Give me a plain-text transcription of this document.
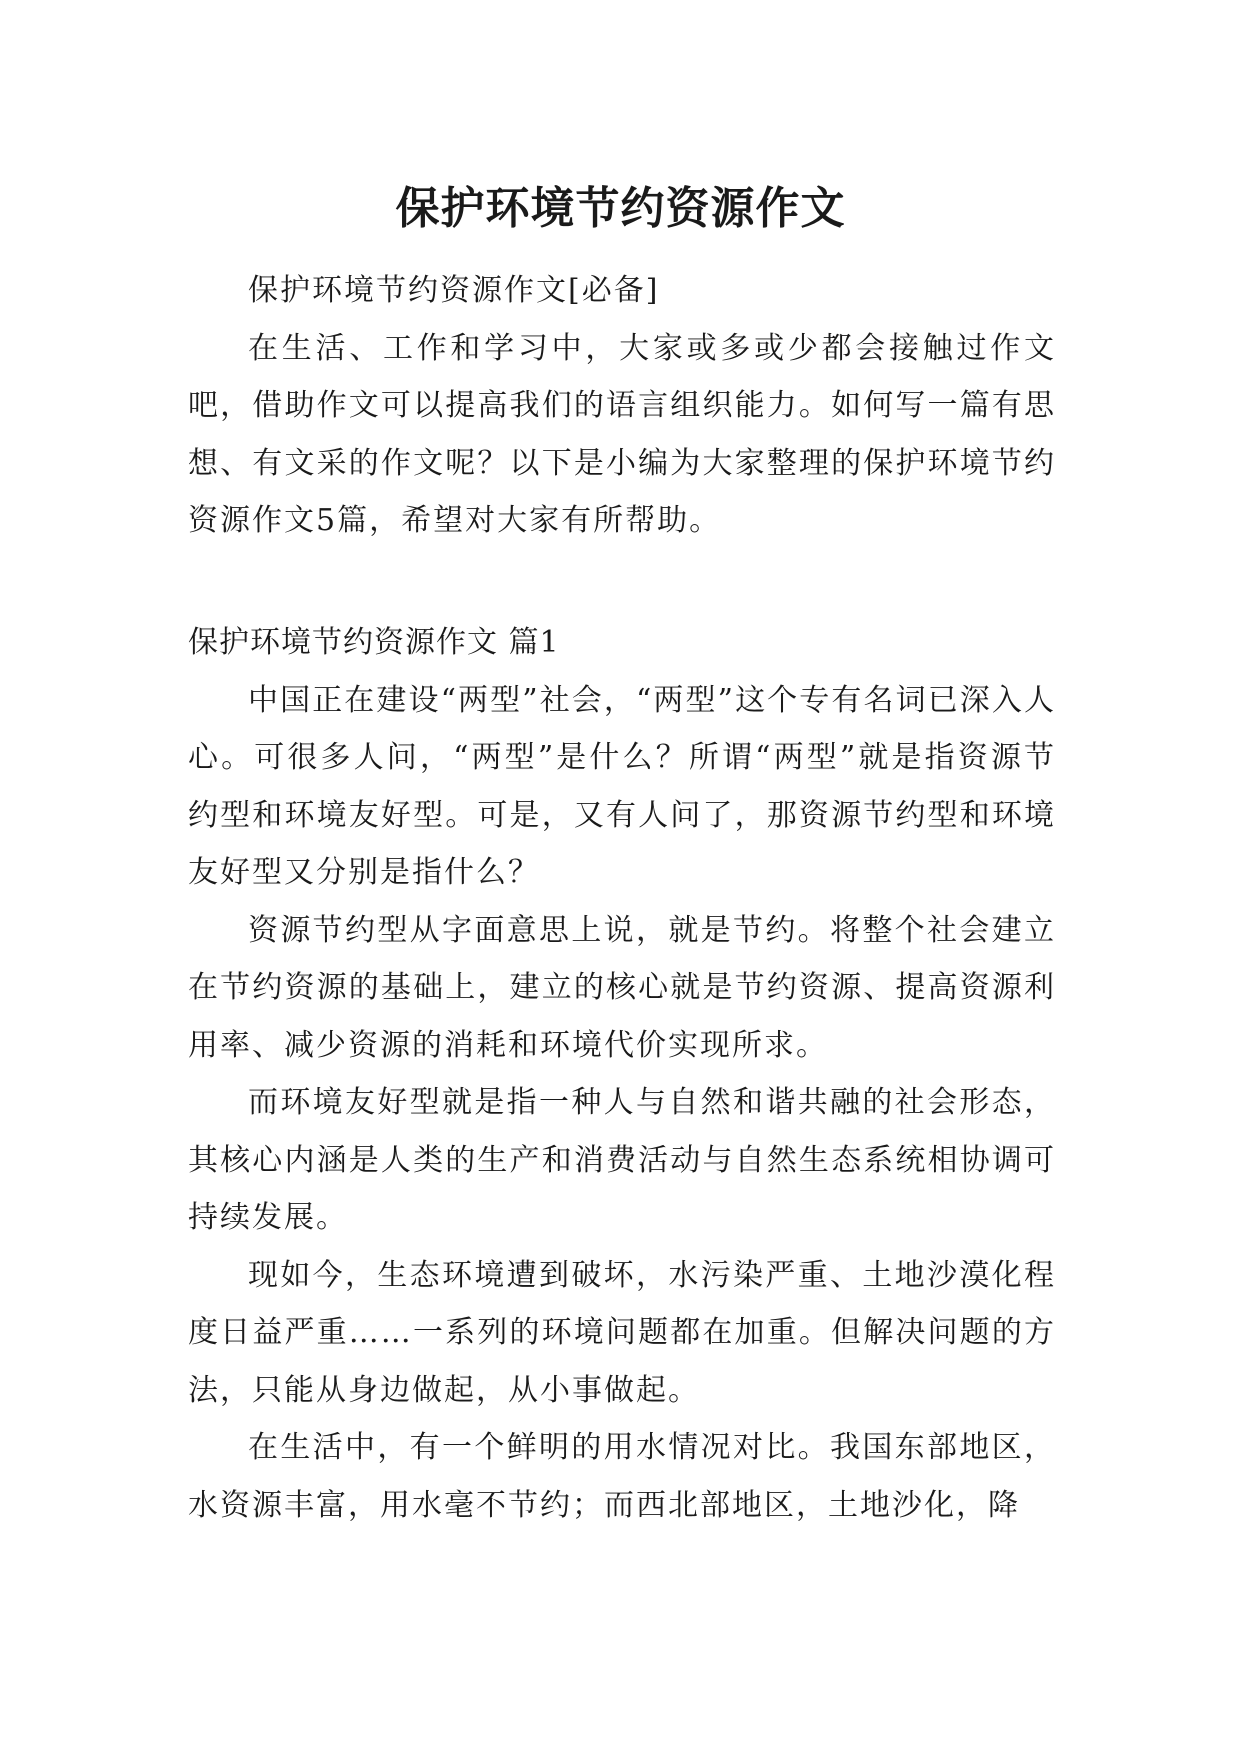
保护环境节约资源作文

保护环境节约资源作文[必备]

在生活、工作和学习中，大家或多或少都会接触过作文吧，借助作文可以提高我们的语言组织能力。如何写一篇有思想、有文采的作文呢？以下是小编为大家整理的保护环境节约资源作文5篇，希望对大家有所帮助。

保护环境节约资源作文 篇1

中国正在建设“两型”社会，“两型”这个专有名词已深入人心。可很多人问，“两型”是什么？所谓“两型”就是指资源节约型和环境友好型。可是，又有人问了，那资源节约型和环境友好型又分别是指什么？

资源节约型从字面意思上说，就是节约。将整个社会建立在节约资源的基础上，建立的核心就是节约资源、提高资源利用率、减少资源的消耗和环境代价实现所求。

而环境友好型就是指一种人与自然和谐共融的社会形态，其核心内涵是人类的生产和消费活动与自然生态系统相协调可持续发展。

现如今，生态环境遭到破坏，水污染严重、土地沙漠化程度日益严重……一系列的环境问题都在加重。但解决问题的方法，只能从身边做起，从小事做起。

在生活中，有一个鲜明的用水情况对比。我国东部地区，水资源丰富，用水毫不节约；而西北部地区，土地沙化，降
